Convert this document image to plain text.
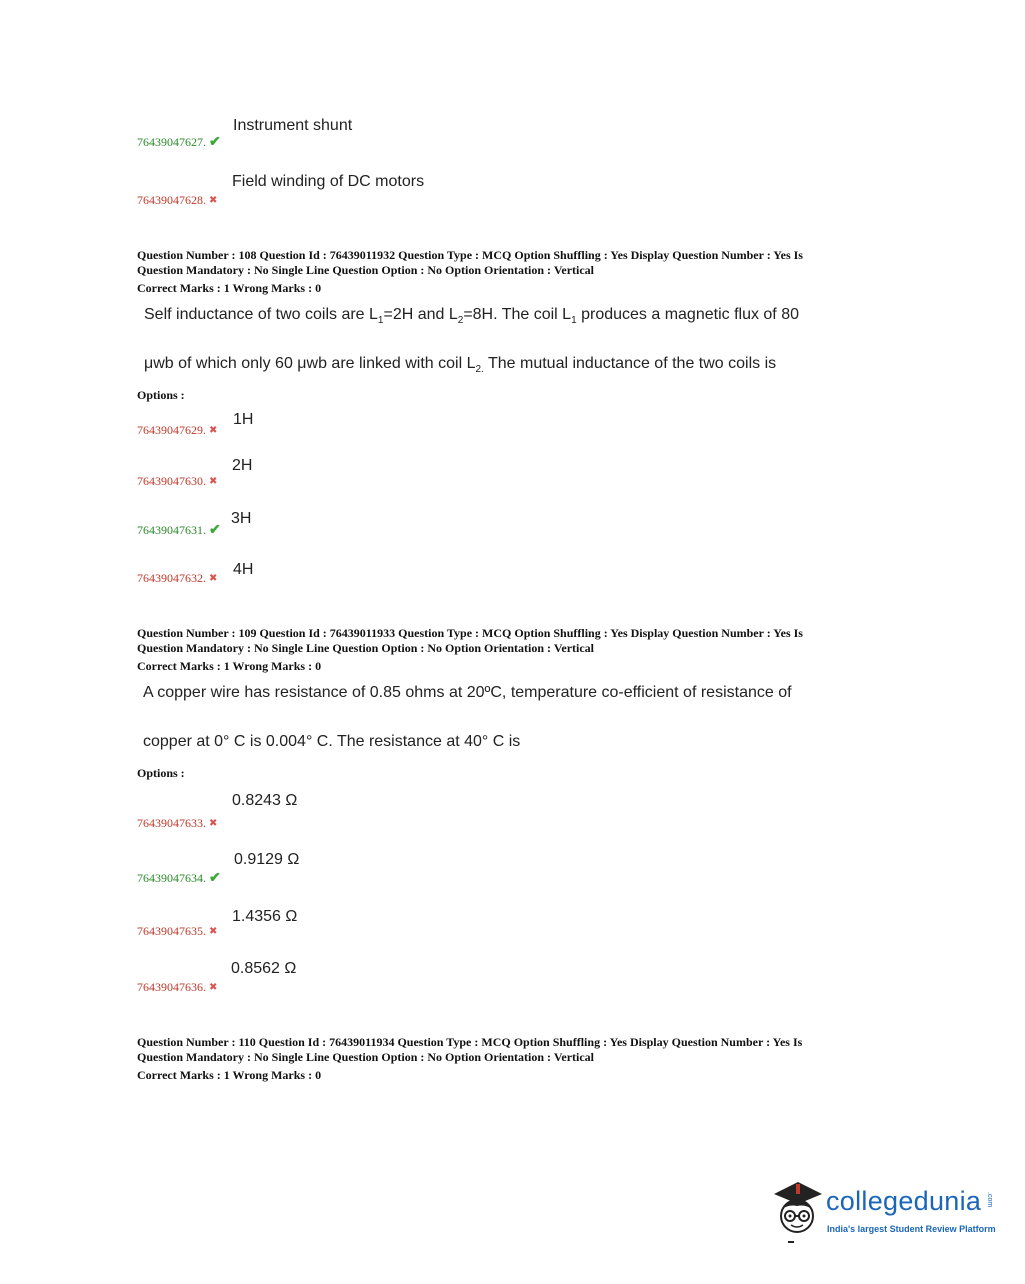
Instrument shunt
76439047627. ✔
Field winding of DC motors
76439047628. ✖
Question Number : 108 Question Id : 76439011932 Question Type : MCQ Option Shuffling : Yes Display Question Number : Yes Is
Question Mandatory : No Single Line Question Option : No Option Orientation : Vertical
Correct Marks : 1 Wrong Marks : 0
Self inductance of two coils are $L_1=2H$ and $L_2=8H$. The coil $L_1$ produces a magnetic flux of 80
μwb of which only 60 μwb are linked with coil $L_{2.}$ The mutual inductance of the two coils is
Options :
1H
76439047629. ✖
2H
76439047630. ✖
3H
76439047631. ✔
4H
76439047632. ✖
Question Number : 109 Question Id : 76439011933 Question Type : MCQ Option Shuffling : Yes Display Question Number : Yes Is
Question Mandatory : No Single Line Question Option : No Option Orientation : Vertical
Correct Marks : 1 Wrong Marks : 0
A copper wire has resistance of 0.85 ohms at 20ºC, temperature co-efficient of resistance of
copper at 0° C is 0.004° C. The resistance at 40° C is
Options :
0.8243 Ω
76439047633. ✖
0.9129 Ω
76439047634. ✔
1.4356 Ω
76439047635. ✖
0.8562 Ω
76439047636. ✖
Question Number : 110 Question Id : 76439011934 Question Type : MCQ Option Shuffling : Yes Display Question Number : Yes Is
Question Mandatory : No Single Line Question Option : No Option Orientation : Vertical
Correct Marks : 1 Wrong Marks : 0
collegedunia .com
India's largest Student Review Platform
